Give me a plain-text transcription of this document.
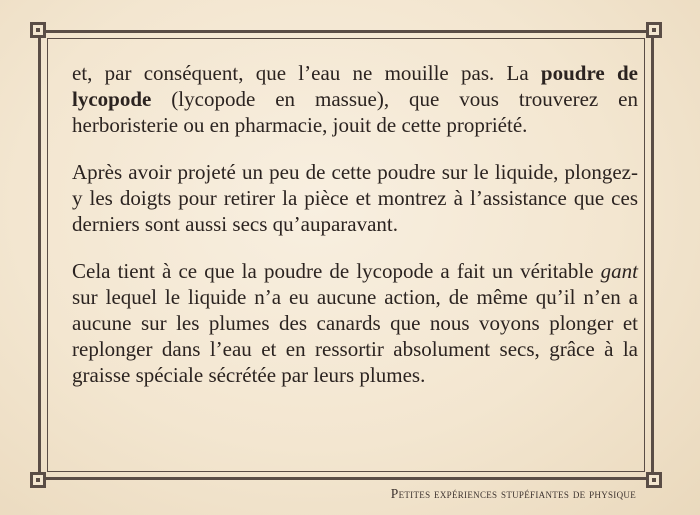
et, par conséquent, que l’eau ne mouille pas. La poudre de lycopode (lycopode en massue), que vous trouverez en herboristerie ou en pharmacie, jouit de cette propriété.

Après avoir projeté un peu de cette poudre sur le liquide, plongez-y les doigts pour retirer la pièce et montrez à l’assistance que ces derniers sont aussi secs qu’auparavant.

Cela tient à ce que la poudre de lycopode a fait un véritable gant sur lequel le liquide n’a eu aucune action, de même qu’il n’en a aucune sur les plumes des canards que nous voyons plonger et replonger dans l’eau et en ressortir absolument secs, grâce à la graisse spéciale sécrétée par leurs plumes.

Petites expériences stupéfiantes de physique
